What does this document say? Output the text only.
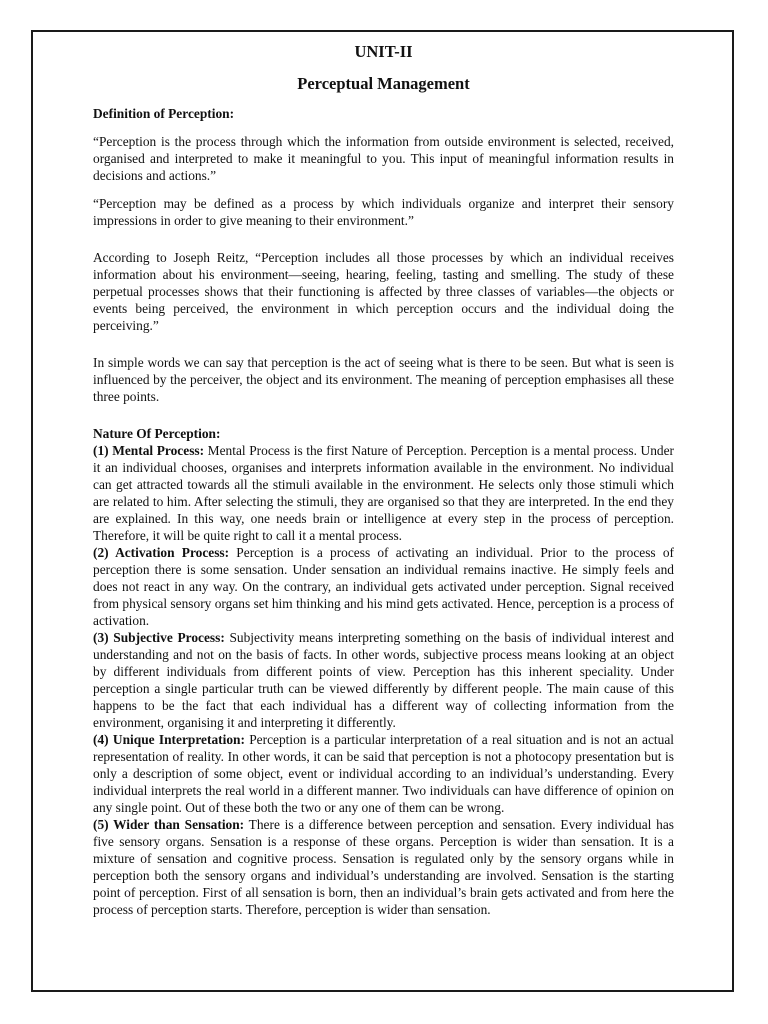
UNIT-II
Perceptual Management
Definition of Perception:

“Perception is the process through which the information from outside environment is selected, received, organised and interpreted to make it meaningful to you. This input of meaningful information results in decisions and actions.”

“Perception may be defined as a process by which individuals organize and interpret their sensory impressions in order to give meaning to their environment.”

According to Joseph Reitz, “Perception includes all those processes by which an individual receives information about his environment—seeing, hearing, feeling, tasting and smelling. The study of these perpetual processes shows that their functioning is affected by three classes of variables—the objects or events being perceived, the environment in which perception occurs and the individual doing the perceiving.”

In simple words we can say that perception is the act of seeing what is there to be seen. But what is seen is influenced by the perceiver, the object and its environment. The meaning of perception emphasises all these three points.

Nature Of Perception:

(1) Mental Process: Mental Process is the first Nature of Perception. Perception is a mental process. Under it an individual chooses, organises and interprets information available in the environment. No individual can get attracted towards all the stimuli available in the environment. He selects only those stimuli which are related to him. After selecting the stimuli, they are organised so that they are interpreted. In the end they are explained. In this way, one needs brain or intelligence at every step in the process of perception. Therefore, it will be quite right to call it a mental process.

(2) Activation Process: Perception is a process of activating an individual. Prior to the process of perception there is some sensation. Under sensation an individual remains inactive. He simply feels and does not react in any way. On the contrary, an individual gets activated under perception. Signal received from physical sensory organs set him thinking and his mind gets activated. Hence, perception is a process of activation.

(3) Subjective Process: Subjectivity means interpreting something on the basis of individual interest and understanding and not on the basis of facts. In other words, subjective process means looking at an object by different individuals from different points of view. Perception has this inherent speciality. Under perception a single particular truth can be viewed differently by different people. The main cause of this happens to be the fact that each individual has a different way of collecting information from the environment, organising it and interpreting it differently.

(4) Unique Interpretation: Perception is a particular interpretation of a real situation and is not an actual representation of reality. In other words, it can be said that perception is not a photocopy presentation but is only a description of some object, event or individual according to an individual’s understanding. Every individual interprets the real world in a different manner. Two individuals can have difference of opinion on any single point. Out of these both the two or any one of them can be wrong.

(5) Wider than Sensation: There is a difference between perception and sensation. Every individual has five sensory organs. Sensation is a response of these organs. Perception is wider than sensation. It is a mixture of sensation and cognitive process. Sensation is regulated only by the sensory organs while in perception both the sensory organs and individual’s understanding are involved. Sensation is the starting point of perception. First of all sensation is born, then an individual’s brain gets activated and from here the process of perception starts. Therefore, perception is wider than sensation.
